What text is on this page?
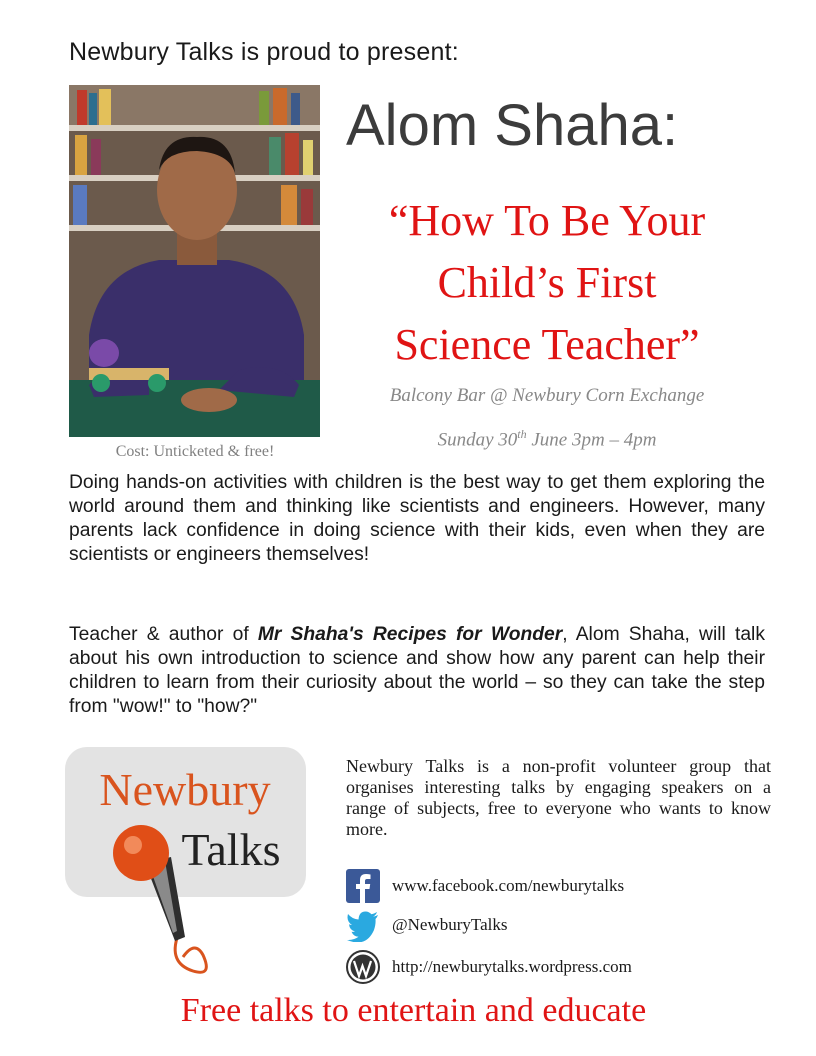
Newbury Talks is proud to present:
Alom Shaha:
“How To Be Your
Child’s First
Science Teacher”
Balcony Bar @ Newbury Corn Exchange
Sunday 30th June 3pm – 4pm
Cost: Unticketed & free!
Doing hands-on activities with children is the best way to get them exploring the world around them and thinking like scientists and engineers. However, many parents lack confidence in doing science with their kids, even when they are scientists or engineers themselves!
Teacher & author of Mr Shaha's Recipes for Wonder, Alom Shaha, will talk about his own introduction to science and show how any parent can help their children to learn from their curiosity about the world – so they can take the step from "wow!" to "how?"
Newbury
Talks
Newbury Talks is a non-profit volunteer group that organises interesting talks by engaging speakers on a range of subjects, free to everyone who wants to know more.
www.facebook.com/newburytalks
@NewburyTalks
http://newburytalks.wordpress.com
Free talks to entertain and educate
